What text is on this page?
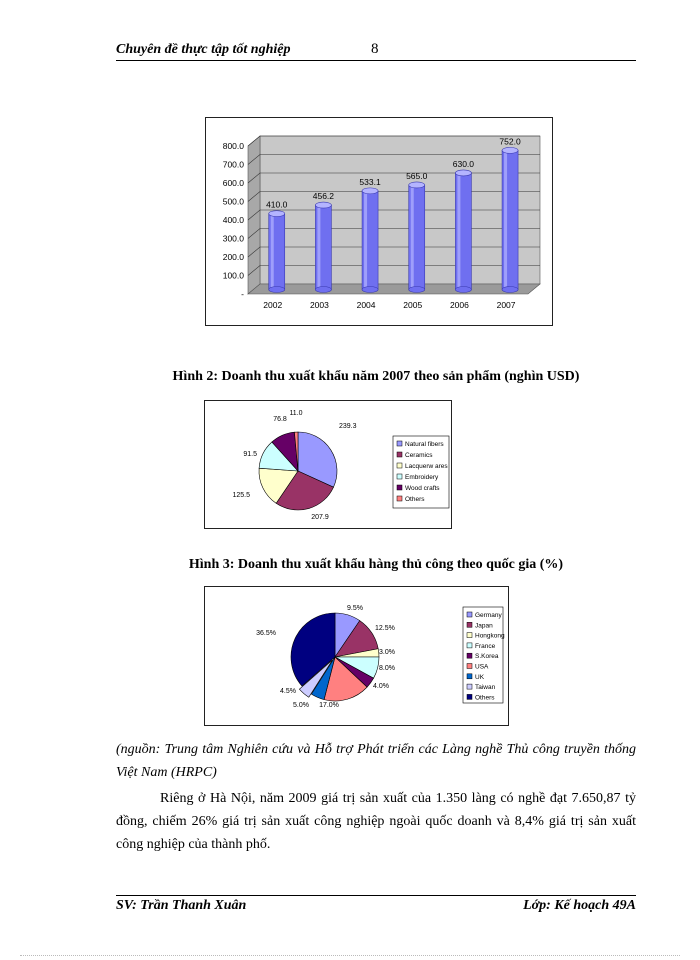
Chuyên đề thực tập tốt nghiệp	8
-
100.0
200.0
300.0
400.0
500.0
600.0
700.0
800.0
410.0
2002
456.2
2003
533.1
2004
565.0
2005
630.0
2006
752.0
2007
Hình 2: Doanh thu xuất khẩu năm 2007 theo sản phẩm (nghìn USD)
239.3
207.9
125.5
91.5
76.8
11.0
Natural fibers
Ceramics
Lacquerw ares
Embroidery
Wood crafts
Others
Hình 3: Doanh thu xuất khẩu hàng thủ công theo quốc gia (%)
9.5%
12.5%
3.0%
8.0%
4.0%
17.0%
5.0%
4.5%
36.5%
Germany
Japan
Hongkong
France
S.Korea
USA
UK
Taiwan
Others
(nguồn: Trung tâm Nghiên cứu và Hỗ trợ Phát triển các Làng nghề Thủ công truyền thống Việt Nam (HRPC)
Riêng ở Hà Nội, năm 2009 giá trị sản xuất của 1.350 làng có nghề đạt 7.650,87 tỷ đồng, chiếm 26% giá trị sản xuất công nghiệp ngoài quốc doanh và 8,4% giá trị sản xuất công nghiệp của thành phố.
SV: Trần Thanh Xuân	Lớp: Kế hoạch 49A
